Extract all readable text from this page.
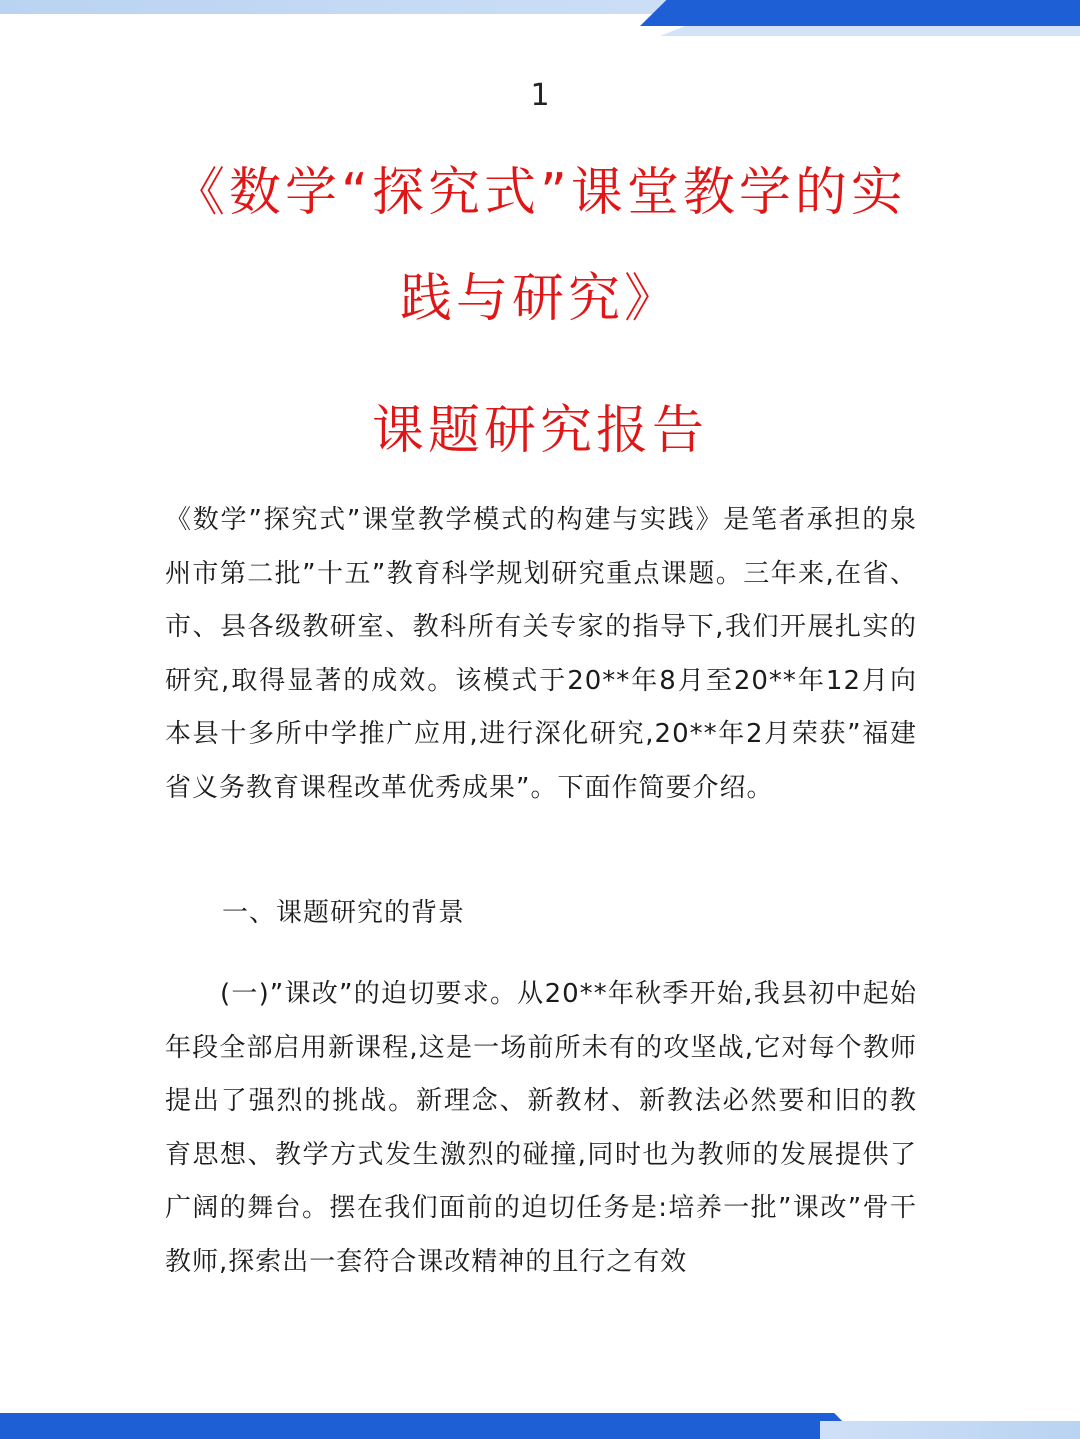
1
《数学“探究式”课堂教学的实
践与研究》
课题研究报告

《数学”探究式”课堂教学模式的构建与实践》是笔者承担的泉州市第二批”十五”教育科学规划研究重点课题。三年来,在省、市、县各级教研室、教科所有关专家的指导下,我们开展扎实的研究,取得显著的成效。该模式于20**年8月至20**年12月向本县十多所中学推广应用,进行深化研究,20**年2月荣获”福建省义务教育课程改革优秀成果”。下面作简要介绍。

一、课题研究的背景

(一)”课改”的迫切要求。从20**年秋季开始,我县初中起始年段全部启用新课程,这是一场前所未有的攻坚战,它对每个教师提出了强烈的挑战。新理念、新教材、新教法必然要和旧的教育思想、教学方式发生激烈的碰撞,同时也为教师的发展提供了广阔的舞台。摆在我们面前的迫切任务是:培养一批”课改”骨干教师,探索出一套符合课改精神的且行之有效
